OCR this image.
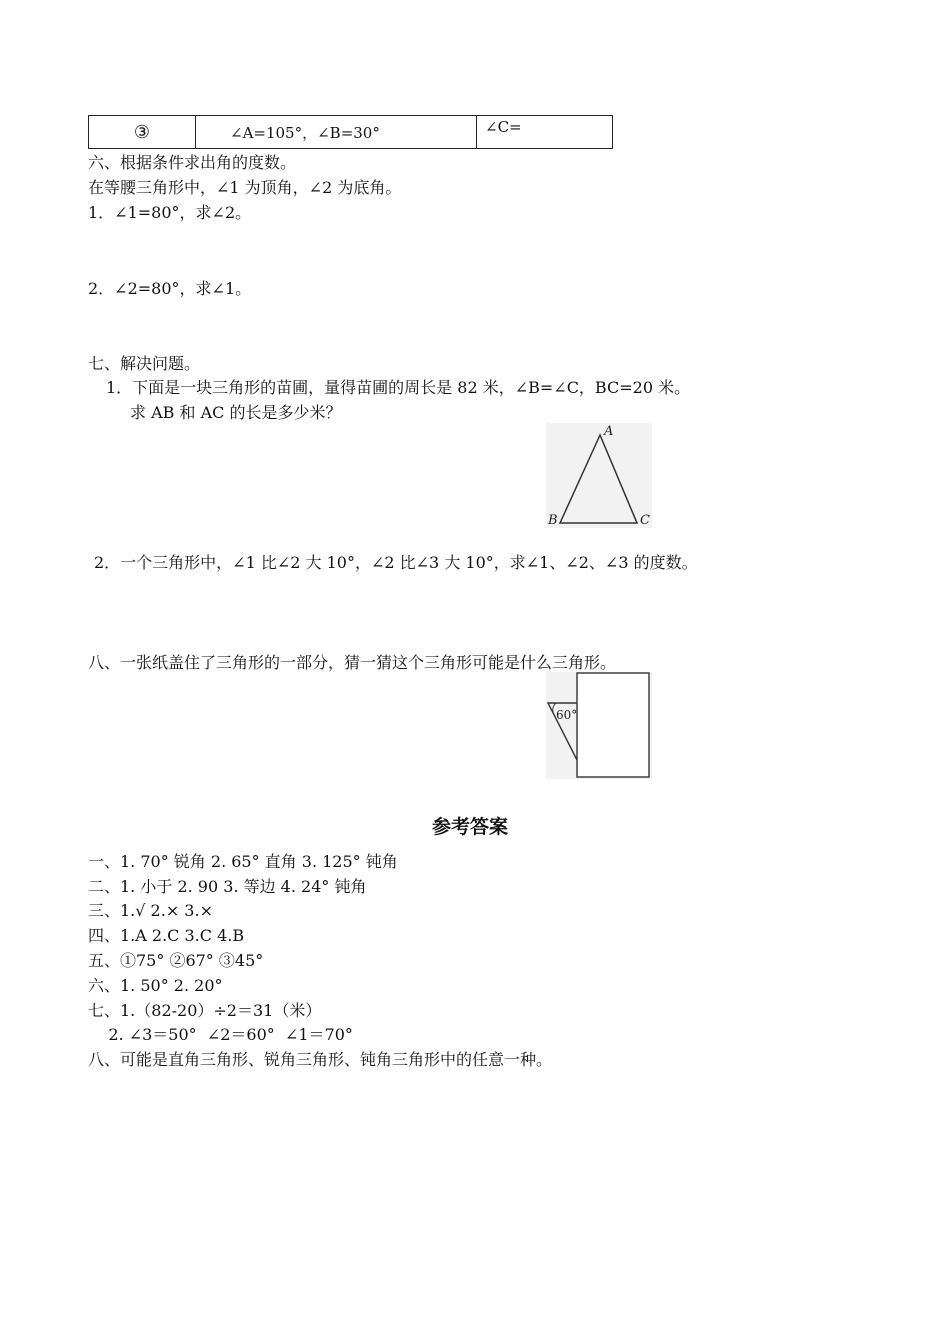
③	∠A=105°，∠B=30°	∠C=
六、根据条件求出角的度数。
在等腰三角形中，∠1 为顶角，∠2 为底角。
1．∠1=80°，求∠2。
2．∠2=80°，求∠1。
七、解决问题。
1．下面是一块三角形的苗圃，量得苗圃的周长是 82 米，∠B=∠C，BC=20 米。
求 AB 和 AC 的长是多少米？
A
B	C
2．一个三角形中，∠1 比∠2 大 10°，∠2 比∠3 大 10°，求∠1、∠2、∠3 的度数。
八、一张纸盖住了三角形的一部分，猜一猜这个三角形可能是什么三角形。
60°
参考答案
一、1. 70° 锐角 2. 65° 直角 3. 125° 钝角
二、1. 小于 2. 90 3. 等边 4. 24° 钝角
三、1.√ 2.× 3.×
四、1.A 2.C 3.C 4.B
五、①75° ②67° ③45°
六、1. 50° 2. 20°
七、1.（82-20）÷2＝31（米）
2. ∠3＝50°  ∠2＝60°  ∠1＝70°
八、可能是直角三角形、锐角三角形、钝角三角形中的任意一种。
